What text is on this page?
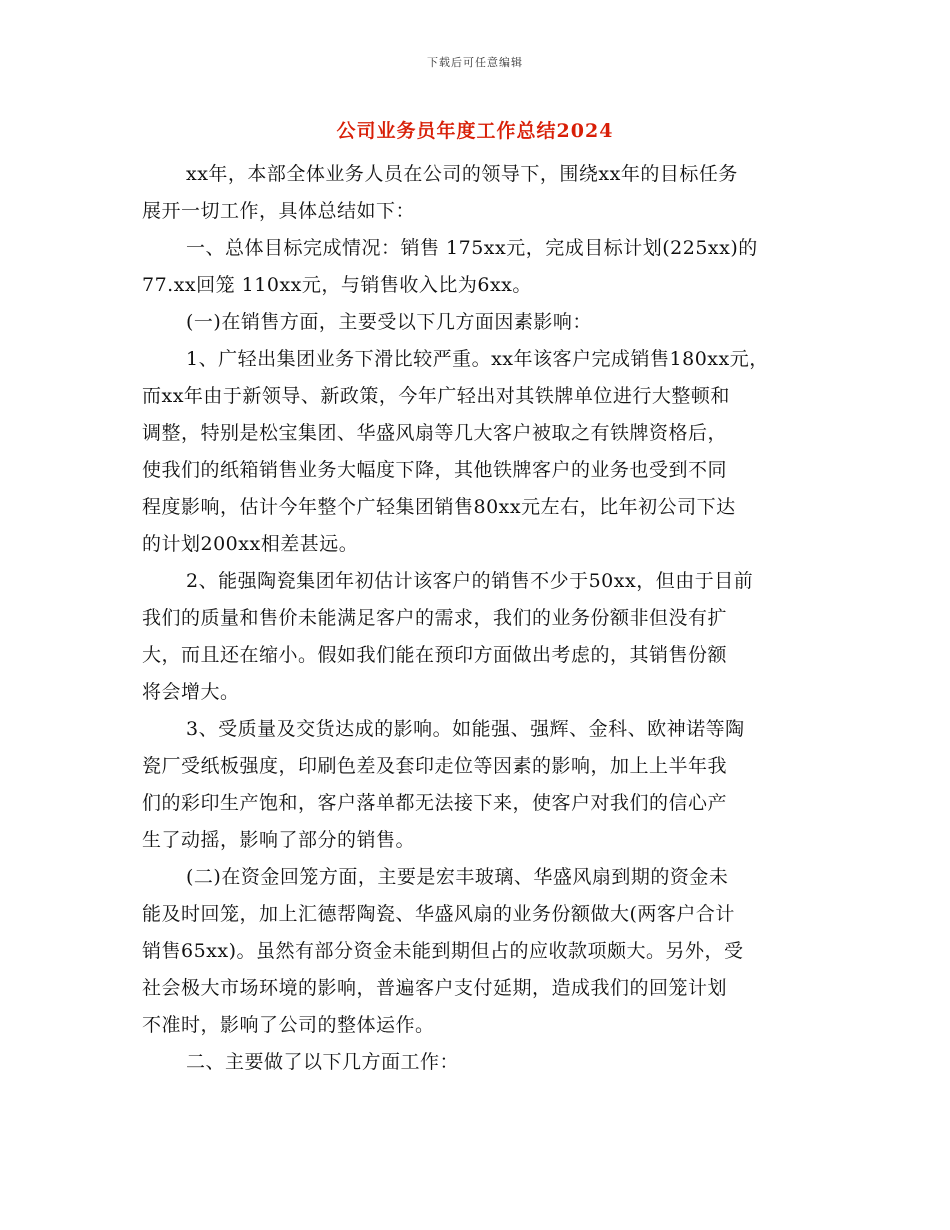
下载后可任意编辑
公司业务员年度工作总结2024
xx年，本部全体业务人员在公司的领导下，围绕xx年的目标任务
展开一切工作，具体总结如下：
一、总体目标完成情况：销售 175xx元，完成目标计划(225xx)的
77.xx回笼 110xx元，与销售收入比为6xx。
(一)在销售方面，主要受以下几方面因素影响：
1、广轻出集团业务下滑比较严重。xx年该客户完成销售180xx元，
而xx年由于新领导、新政策，今年广轻出对其铁牌单位进行大整顿和
调整，特别是松宝集团、华盛风扇等几大客户被取之有铁牌资格后，
使我们的纸箱销售业务大幅度下降，其他铁牌客户的业务也受到不同
程度影响，估计今年整个广轻集团销售80xx元左右，比年初公司下达
的计划200xx相差甚远。
2、能强陶瓷集团年初估计该客户的销售不少于50xx，但由于目前
我们的质量和售价未能满足客户的需求，我们的业务份额非但没有扩
大，而且还在缩小。假如我们能在预印方面做出考虑的，其销售份额
将会增大。
3、受质量及交货达成的影响。如能强、强辉、金科、欧神诺等陶
瓷厂受纸板强度，印刷色差及套印走位等因素的影响，加上上半年我
们的彩印生产饱和，客户落单都无法接下来，使客户对我们的信心产
生了动摇，影响了部分的销售。
(二)在资金回笼方面，主要是宏丰玻璃、华盛风扇到期的资金未
能及时回笼，加上汇德帮陶瓷、华盛风扇的业务份额做大(两客户合计
销售65xx)。虽然有部分资金未能到期但占的应收款项颇大。另外，受
社会极大市场环境的影响，普遍客户支付延期，造成我们的回笼计划
不准时，影响了公司的整体运作。
二、主要做了以下几方面工作：
